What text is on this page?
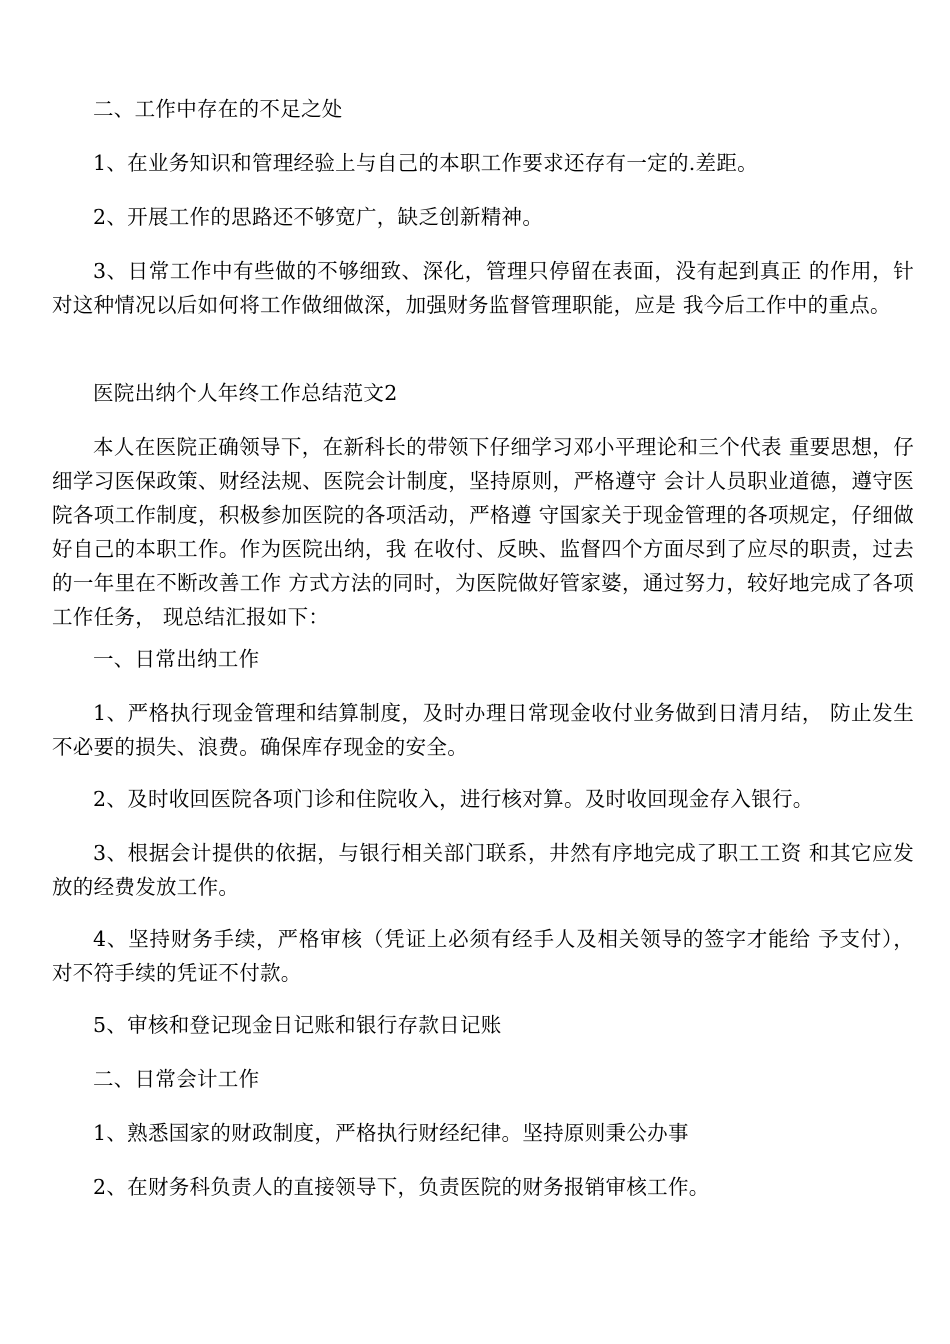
二、工作中存在的不足之处

1、在业务知识和管理经验上与自己的本职工作要求还存有一定的.差距。

2、开展工作的思路还不够宽广，缺乏创新精神。

3、日常工作中有些做的不够细致、深化，管理只停留在表面，没有起到真正 的作用，针对这种情况以后如何将工作做细做深，加强财务监督管理职能，应是 我今后工作中的重点。

医院出纳个人年终工作总结范文2

本人在医院正确领导下，在新科长的带领下仔细学习邓小平理论和三个代表 重要思想，仔细学习医保政策、财经法规、医院会计制度，坚持原则，严格遵守 会计人员职业道德，遵守医院各项工作制度，积极参加医院的各项活动，严格遵 守国家关于现金管理的各项规定，仔细做好自己的本职工作。作为医院出纳，我 在收付、反映、监督四个方面尽到了应尽的职责，过去的一年里在不断改善工作 方式方法的同时，为医院做好管家婆，通过努力，较好地完成了各项工作任务， 现总结汇报如下：

一、日常出纳工作

1、严格执行现金管理和结算制度，及时办理日常现金收付业务做到日清月结， 防止发生不必要的损失、浪费。确保库存现金的安全。

2、及时收回医院各项门诊和住院收入，进行核对算。及时收回现金存入银行。

3、根据会计提供的依据，与银行相关部门联系，井然有序地完成了职工工资 和其它应发放的经费发放工作。

4、坚持财务手续，严格审核（凭证上必须有经手人及相关领导的签字才能给 予支付），对不符手续的凭证不付款。

5、审核和登记现金日记账和银行存款日记账

二、日常会计工作

1、熟悉国家的财政制度，严格执行财经纪律。坚持原则秉公办事

2、在财务科负责人的直接领导下，负责医院的财务报销审核工作。
